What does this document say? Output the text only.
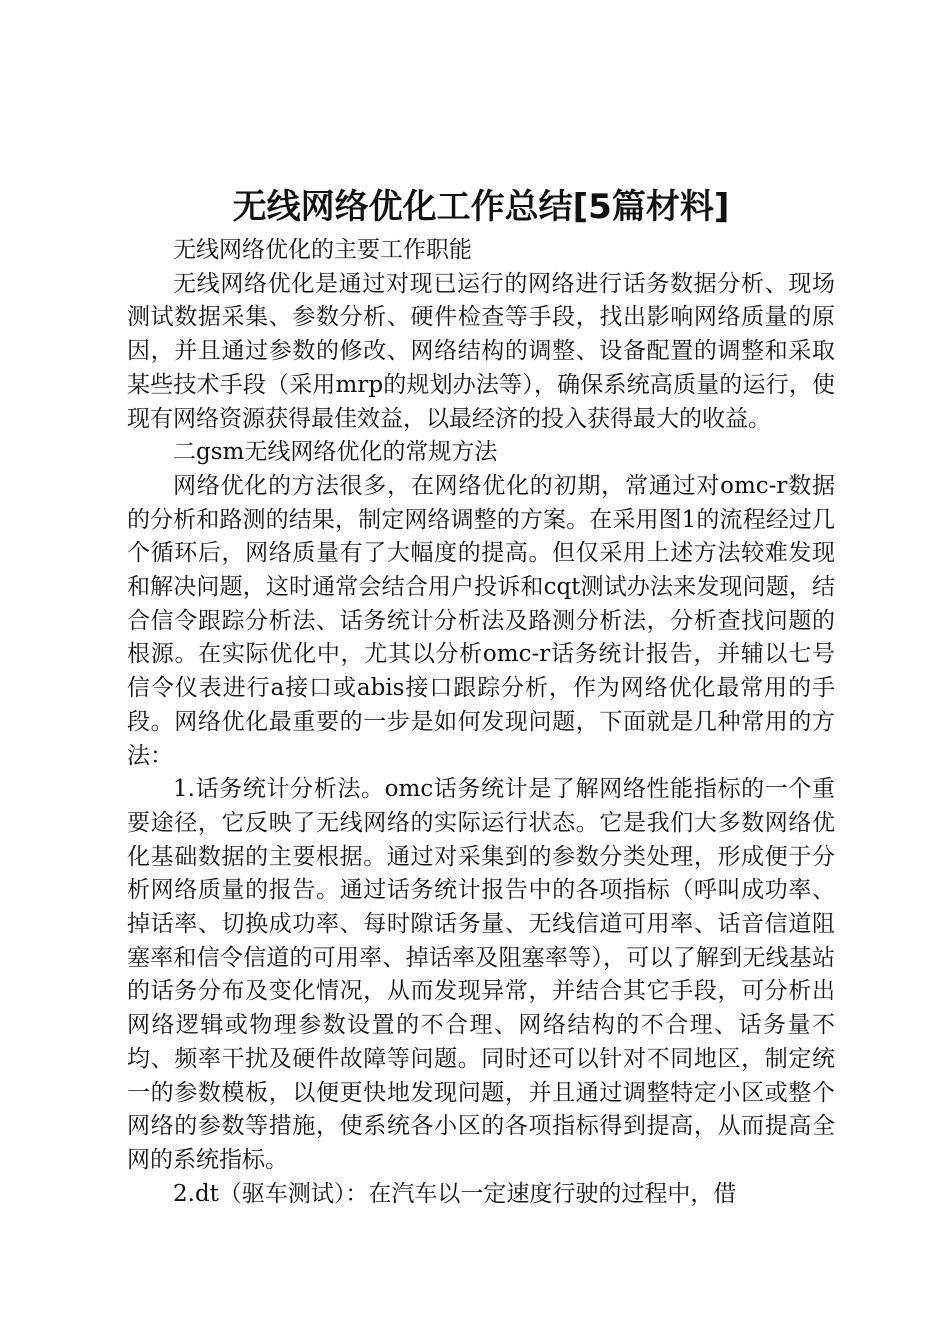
无线网络优化工作总结[5篇材料]

无线网络优化的主要工作职能

无线网络优化是通过对现已运行的网络进行话务数据分析、现场测试数据采集、参数分析、硬件检查等手段，找出影响网络质量的原因，并且通过参数的修改、网络结构的调整、设备配置的调整和采取某些技术手段（采用mrp的规划办法等），确保系统高质量的运行，使现有网络资源获得最佳效益，以最经济的投入获得最大的收益。

二gsm无线网络优化的常规方法

网络优化的方法很多，在网络优化的初期，常通过对omc-r数据的分析和路测的结果，制定网络调整的方案。在采用图1的流程经过几个循环后，网络质量有了大幅度的提高。但仅采用上述方法较难发现和解决问题，这时通常会结合用户投诉和cqt测试办法来发现问题，结合信令跟踪分析法、话务统计分析法及路测分析法，分析查找问题的根源。在实际优化中，尤其以分析omc-r话务统计报告，并辅以七号信令仪表进行a接口或abis接口跟踪分析，作为网络优化最常用的手段。网络优化最重要的一步是如何发现问题，下面就是几种常用的方法：

1.话务统计分析法。omc话务统计是了解网络性能指标的一个重要途径，它反映了无线网络的实际运行状态。它是我们大多数网络优化基础数据的主要根据。通过对采集到的参数分类处理，形成便于分析网络质量的报告。通过话务统计报告中的各项指标（呼叫成功率、掉话率、切换成功率、每时隙话务量、无线信道可用率、话音信道阻塞率和信令信道的可用率、掉话率及阻塞率等），可以了解到无线基站的话务分布及变化情况，从而发现异常，并结合其它手段，可分析出网络逻辑或物理参数设置的不合理、网络结构的不合理、话务量不均、频率干扰及硬件故障等问题。同时还可以针对不同地区，制定统一的参数模板，以便更快地发现问题，并且通过调整特定小区或整个网络的参数等措施，使系统各小区的各项指标得到提高，从而提高全网的系统指标。

2.dt（驱车测试）：在汽车以一定速度行驶的过程中，借
